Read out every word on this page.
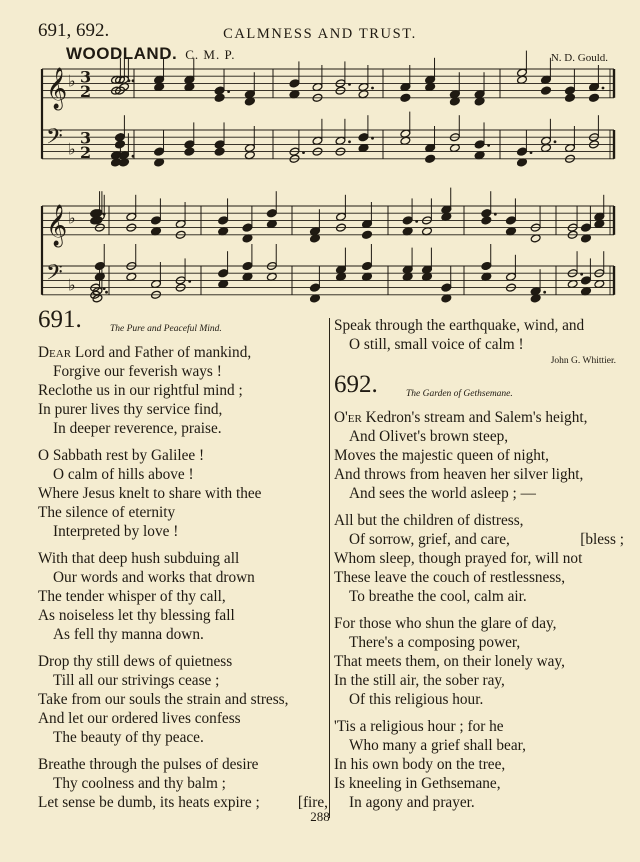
691, 692.	CALMNESS AND TRUST.
WOODLAND. C. M. P.	N. D. Gould.
𝄞 ♭ 3
2
𝄢 ♭
3
2
𝄞 ♭
𝄢 ♭
691.	The Pure and Peaceful Mind.
Dear Lord and Father of mankind,
Forgive our feverish ways !
Reclothe us in our rightful mind ;
In purer lives thy service find,
In deeper reverence, praise.
O Sabbath rest by Galilee !
O calm of hills above !
Where Jesus knelt to share with thee
The silence of eternity
Interpreted by love !
With that deep hush subduing all
Our words and works that drown
The tender whisper of thy call,
As noiseless let thy blessing fall
As fell thy manna down.
Drop thy still dews of quietness
Till all our strivings cease ;
Take from our souls the strain and stress,
And let our ordered lives confess
The beauty of thy peace.
Breathe through the pulses of desire
Thy coolness and thy balm ;
[fire,
Let sense be dumb, its heats expire ;
Speak through the earthquake, wind, and
O still, small voice of calm !
John G. Whittier.
692.	The Garden of Gethsemane.
O'er Kedron's stream and Salem's height,
And Olivet's brown steep,
Moves the majestic queen of night,
And throws from heaven her silver light,
And sees the world asleep ; —
All but the children of distress,
[bless ;
Of sorrow, grief, and care,
Whom sleep, though prayed for, will not
These leave the couch of restlessness,
To breathe the cool, calm air.
For those who shun the glare of day,
There's a composing power,
That meets them, on their lonely way,
In the still air, the sober ray,
Of this religious hour.
'Tis a religious hour ; for he
Who many a grief shall bear,
In his own body on the tree,
Is kneeling in Gethsemane,
In agony and prayer.
288
